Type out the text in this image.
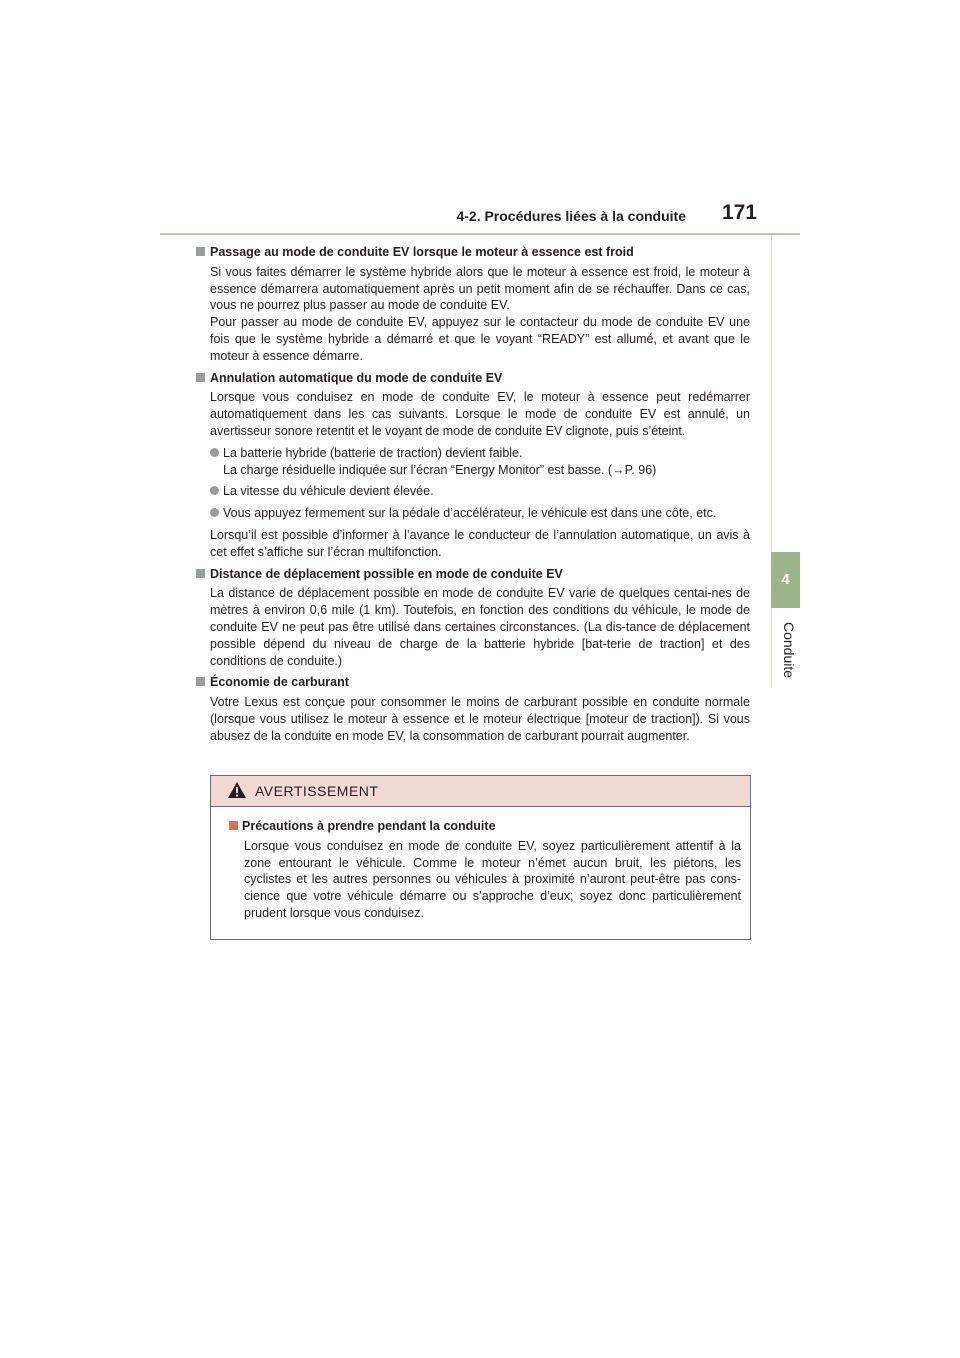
4-2. Procédures liées à la conduite 171
4
Conduite
Passage au mode de conduite EV lorsque le moteur à essence est froid
Si vous faites démarrer le système hybride alors que le moteur à essence est froid, le moteur à essence démarrera automatiquement après un petit moment afin de se réchauffer. Dans ce cas, vous ne pourrez plus passer au mode de conduite EV.
Pour passer au mode de conduite EV, appuyez sur le contacteur du mode de conduite EV une fois que le système hybride a démarré et que le voyant “READY” est allumé, et avant que le moteur à essence démarre.
Annulation automatique du mode de conduite EV
Lorsque vous conduisez en mode de conduite EV, le moteur à essence peut redémarrer automatiquement dans les cas suivants. Lorsque le mode de conduite EV est annulé, un avertisseur sonore retentit et le voyant de mode de conduite EV clignote, puis s’éteint.
La batterie hybride (batterie de traction) devient faible.
La charge résiduelle indiquée sur l’écran “Energy Monitor” est basse. (→P. 96)
La vitesse du véhicule devient élevée.
Vous appuyez fermement sur la pédale d’accélérateur, le véhicule est dans une côte, etc.
Lorsqu’il est possible d’informer à l’avance le conducteur de l’annulation automatique, un avis à cet effet s’affiche sur l’écran multifonction.
Distance de déplacement possible en mode de conduite EV
La distance de déplacement possible en mode de conduite EV varie de quelques centai-nes de mètres à environ 0,6 mile (1 km). Toutefois, en fonction des conditions du véhicule, le mode de conduite EV ne peut pas être utilisé dans certaines circonstances. (La dis-tance de déplacement possible dépend du niveau de charge de la batterie hybride [bat-terie de traction] et des conditions de conduite.)
Économie de carburant
Votre Lexus est conçue pour consommer le moins de carburant possible en conduite normale (lorsque vous utilisez le moteur à essence et le moteur électrique [moteur de traction]). Si vous abusez de la conduite en mode EV, la consommation de carburant pourrait augmenter.
AVERTISSEMENT
Précautions à prendre pendant la conduite
Lorsque vous conduisez en mode de conduite EV, soyez particulièrement attentif à la zone entourant le véhicule. Comme le moteur n’émet aucun bruit, les piétons, les cyclistes et les autres personnes ou véhicules à proximité n’auront peut-être pas cons-cience que votre véhicule démarre ou s’approche d’eux; soyez donc particulièrement prudent lorsque vous conduisez.
